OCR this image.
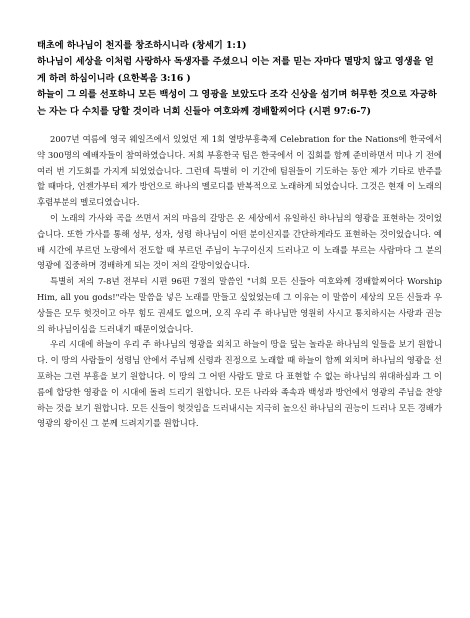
태초에 하나님이 천지를 창조하시니라 (창세기 1:1)

하나님이 세상을 이처럼 사랑하사 독생자를 주셨으니 이는 저를 믿는 자마다 멸망치 않고 영생을 얻게 하려 하심이니라 (요한복음 3:16 )

하늘이 그 의를 선포하니 모든 백성이 그 영광을 보았도다 조각 신상을 섬기며 허무한 것으로 자긍하는 자는 다 수치를 당할 것이라 너희 신들아 여호와께 경배할찌어다 (시편 97:6-7)

2007년 여름에 영국 웨일즈에서 있었던 제 1회 열방부흥축제 Celebration for the Nations에 한국에서 약 300명의 예배자들이 참여하였습니다. 저희 부흥한국 팀은 한국에서 이 집회를 함께 준비하면서 미나 기 전에 여러 번 기도회를 가지게 되었었습니다. 그런데 특별히 이 기간에 팀원들이 기도하는 동안 제가 기타로 반주를 할 때마다, 언젠가부터 제가 방언으로 하나의 멜로디를 반복적으로 노래하게 되었습니다. 그것은 현재 이 노래의 후렴부분의 멜로디였습니다.

이 노래의 가사와 곡을 쓰면서 저의 마음의 갈망은 온 세상에서 유일하신 하나님의 영광을 표현하는 것이었습니다. 또한 가사를 통해 성부, 성자, 성령 하나님이 어떤 분이신지를 간단하게라도 표현하는 것이었습니다. 예배 시간에 부르던 노랑에서 전도할 때 부르던 주님이 누구이신지 드러나고 이 노래를 부르는 사람마다 그 분의 영광에 집중하며 경배하게 되는 것이 저의 갈망이었습니다.

특별히 저의 7-8년 전부터 시편 96편 7절의 말씀인 "너희 모든 신들아 여호와께 경배할찌어다 Worship Him, all you gods!"라는 말씀을 넣은 노래를 만들고 싶었었는데 그 이유는 이 말씀이 세상의 모든 신들과 우상들은 모두 헛것이고 아무 힘도 권세도 없으며, 오직 우리 주 하나님만 영원히 사시고 통치하시는 사랑과 권능의 하나님이심을 드러내기 때문이었습니다.

우리 시대에 하늘이 우리 주 하나님의 영광을 외치고 하늘이 땅을 덮는 놀라운 하나님의 일들을 보기 원합니다. 이 땅의 사람들이 성령님 안에서 주님께 신령과 진정으로 노래할 때 하늘이 함께 외치며 하나님의 영광을 선포하는 그런 부흥을 보기 원합니다. 이 땅의 그 어떤 사람도 말로 다 표현할 수 없는 하나님의 위대하심과 그 이름에 합당한 영광을 이 시대에 돌려 드리기 원합니다. 모든 나라와 족속과 백성과 방언에서 영광의 주님을 찬양하는 것을 보기 원합니다. 모든 신들이 헛것임을 드러내시는 지극히 높으신 하나님의 권능이 드러나 모든 경배가 영광의 왕이신 그 분께 드려지기를 원합니다.
